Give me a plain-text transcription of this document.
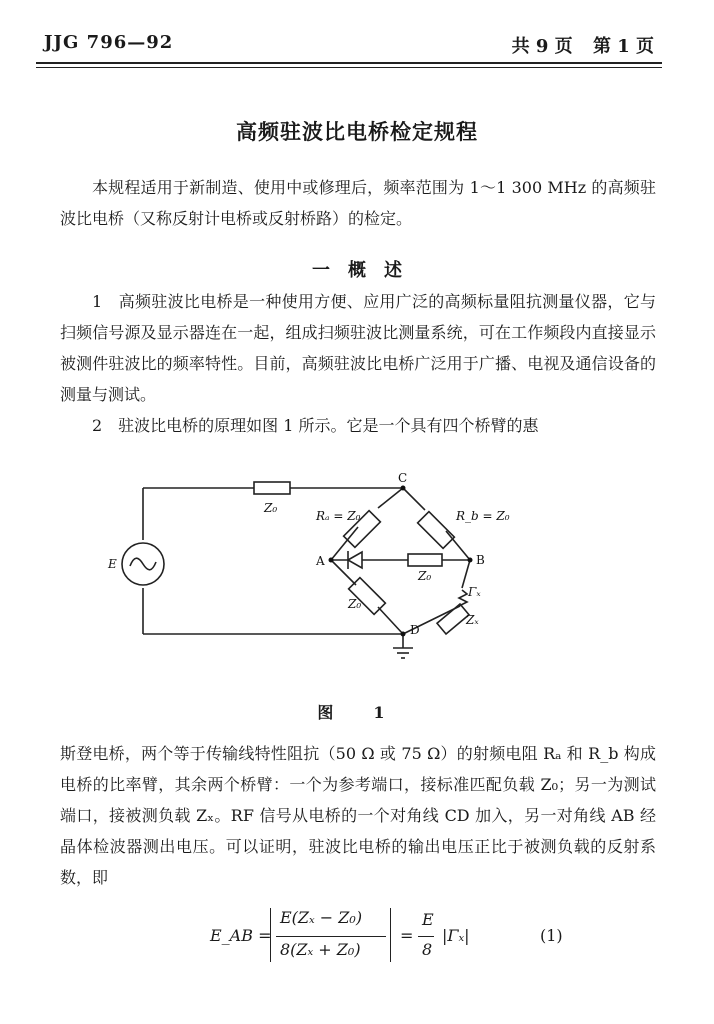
JJG 796—92	共 9 页 第 1 页
高频驻波比电桥检定规程

本规程适用于新制造、使用中或修理后，频率范围为 1～1 300 MHz 的高频驻波比电桥（又称反射计电桥或反射桥路）的检定。

一　概　述

1　高频驻波比电桥是一种使用方便、应用广泛的高频标量阻抗测量仪器，它与扫频信号源及显示器连在一起，组成扫频驻波比测量系统，可在工作频段内直接显示被测件驻波比的频率特性。目前，高频驻波比电桥广泛用于广播、电视及通信设备的测量与测试。

2　驻波比电桥的原理如图 1 所示。它是一个具有四个桥臂的惠

E
Z₀
Rₐ = Z₀	R_b = Z₀
C
A	B
D
Z₀
Z₀
Γₓ
Zₓ
图　1

斯登电桥，两个等于传输线特性阻抗（50 Ω 或 75 Ω）的射频电阻 Rₐ 和 R_b 构成电桥的比率臂，其余两个桥臂：一个为参考端口，接标准匹配负载 Z₀；另一为测试端口，接被测负载 Zₓ。RF 信号从电桥的一个对角线 CD 加入，另一对角线 AB 经晶体检波器测出电压。可以证明，驻波比电桥的输出电压正比于被测负载的反射系数，即

E_AB =
E(Zₓ − Z₀)
8(Zₓ + Z₀)
=
E
8
|Γₓ|	(1)
